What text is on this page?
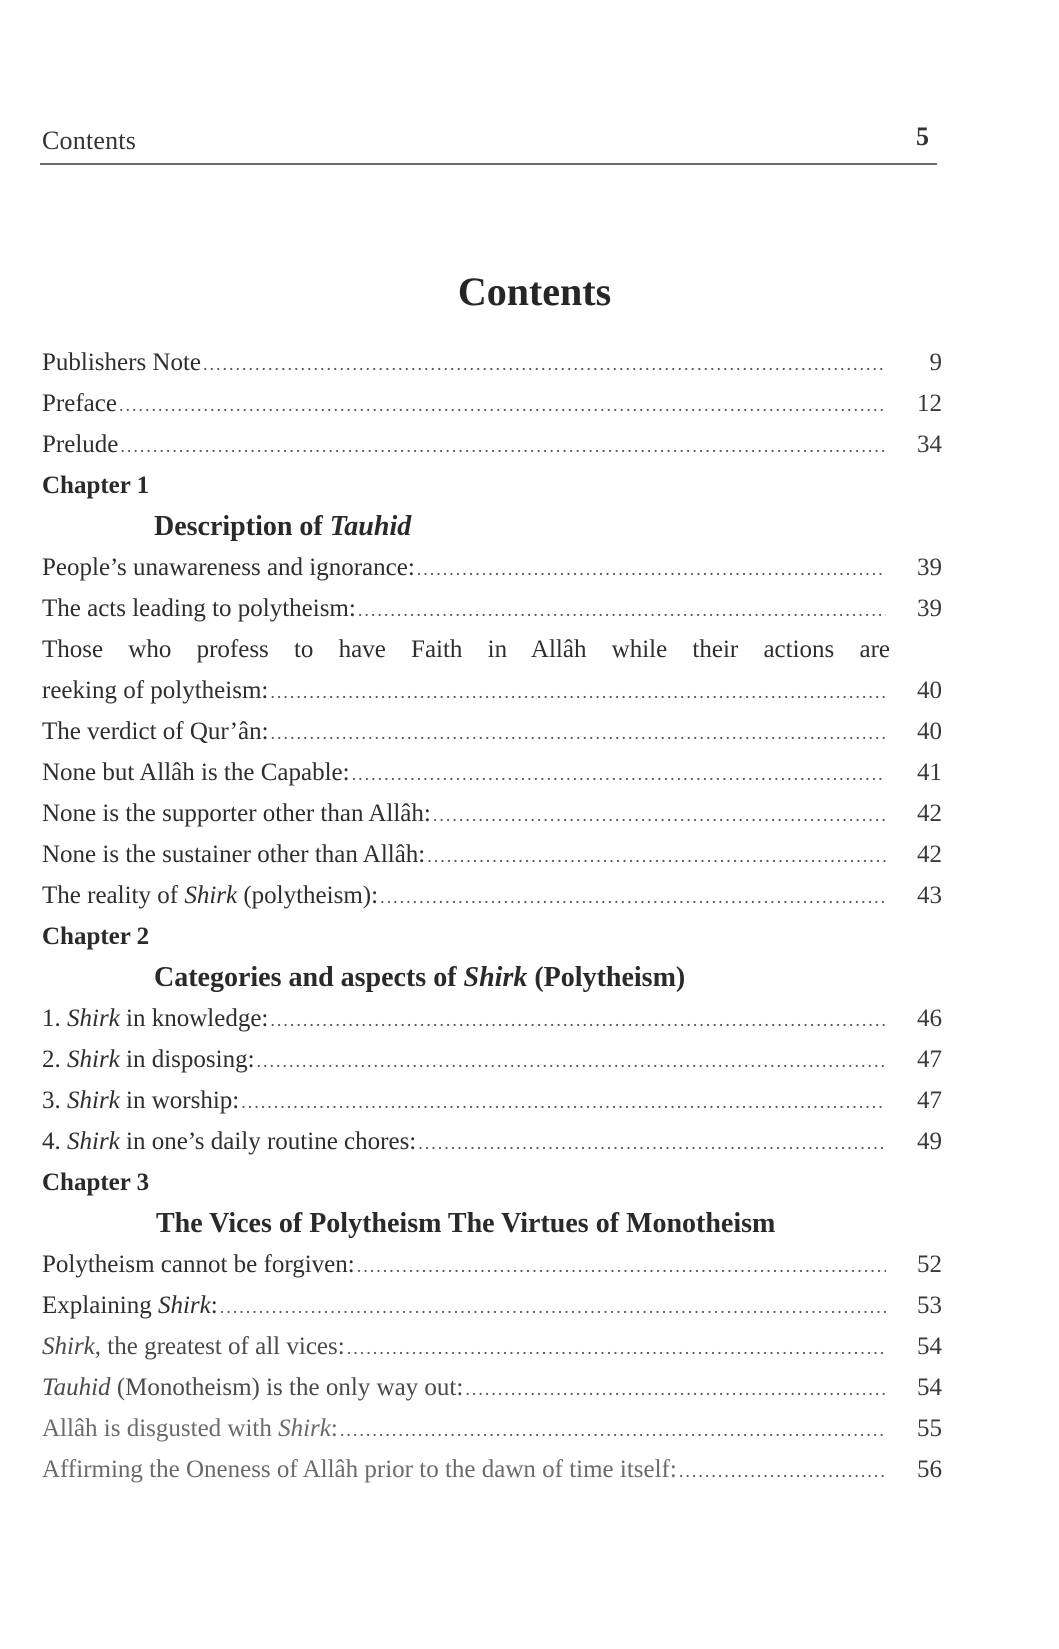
Contents	5
Contents
Publishers Note .....	9
Preface .....	12
Prelude .....	34
Chapter 1
Description of Tauhid
People’s unawareness and ignorance: .....	39
The acts leading to polytheism: .....	39
Those who profess to have Faith in Allâh while their actions are
reeking of polytheism: .....	40
The verdict of Qur’ân: .....	40
None but Allâh is the Capable: .....	41
None is the supporter other than Allâh: .....	42
None is the sustainer other than Allâh: .....	42
The reality of Shirk (polytheism): .....	43
Chapter 2
Categories and aspects of Shirk (Polytheism)
1. Shirk in knowledge: .....	46
2. Shirk in disposing: .....	47
3. Shirk in worship: .....	47
4. Shirk in one’s daily routine chores: .....	49
Chapter 3
The Vices of Polytheism The Virtues of Monotheism
Polytheism cannot be forgiven: .....	52
Explaining Shirk: .....	53
Shirk, the greatest of all vices: .....	54
Tauhid (Monotheism) is the only way out: .....	54
Allâh is disgusted with Shirk: .....	55
Affirming the Oneness of Allâh prior to the dawn of time itself: .....	56
